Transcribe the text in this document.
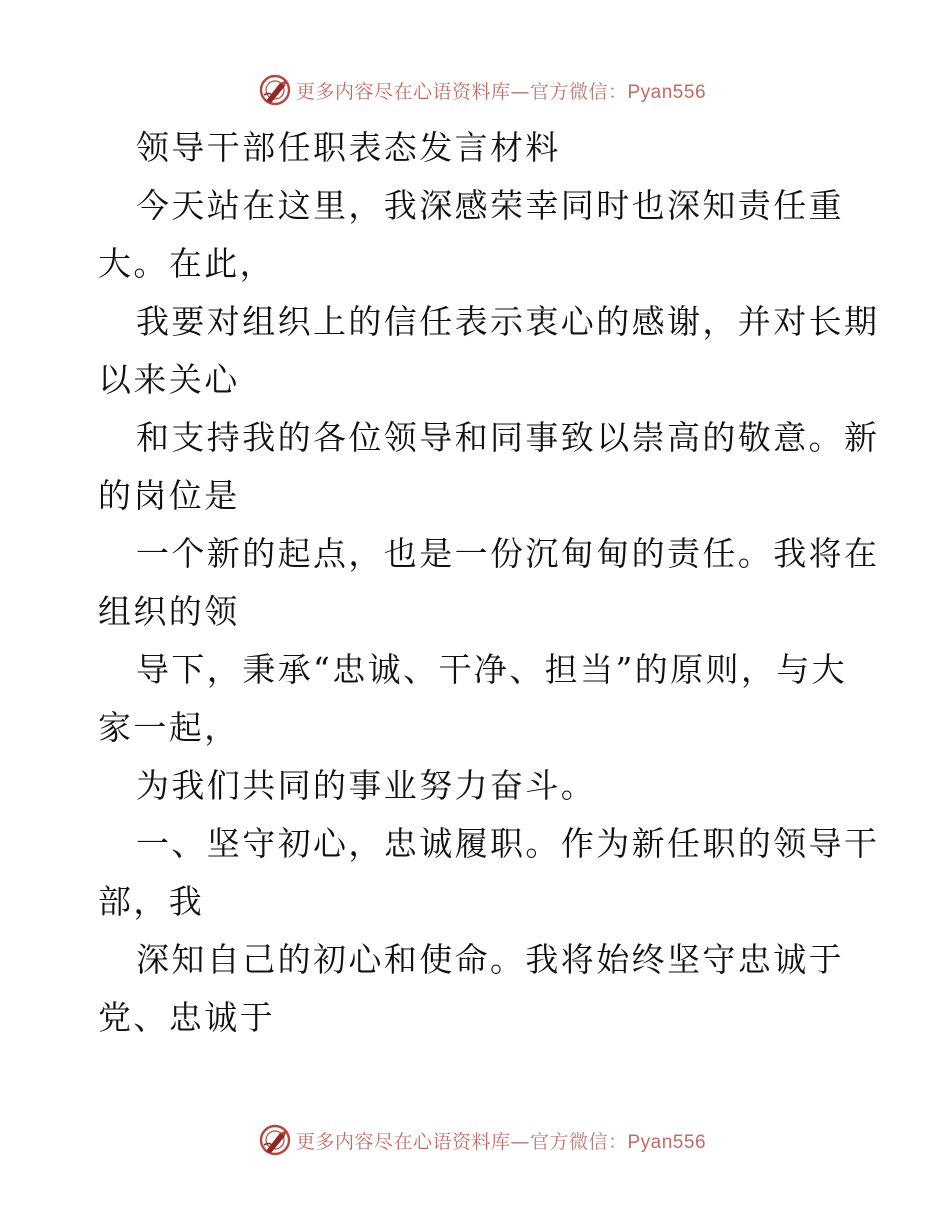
更多内容尽在心语资料库—官方微信：Pyan556
领导干部任职表态发言材料
今天站在这里，我深感荣幸同时也深知责任重
大。在此，
我要对组织上的信任表示衷心的感谢，并对长期
以来关心
和支持我的各位领导和同事致以崇高的敬意。新
的岗位是
一个新的起点，也是一份沉甸甸的责任。我将在
组织的领
导下，秉承“忠诚、干净、担当”的原则，与大
家一起，
为我们共同的事业努力奋斗。
一、坚守初心，忠诚履职。作为新任职的领导干
部，我
深知自己的初心和使命。我将始终坚守忠诚于
党、忠诚于
更多内容尽在心语资料库—官方微信：Pyan556
